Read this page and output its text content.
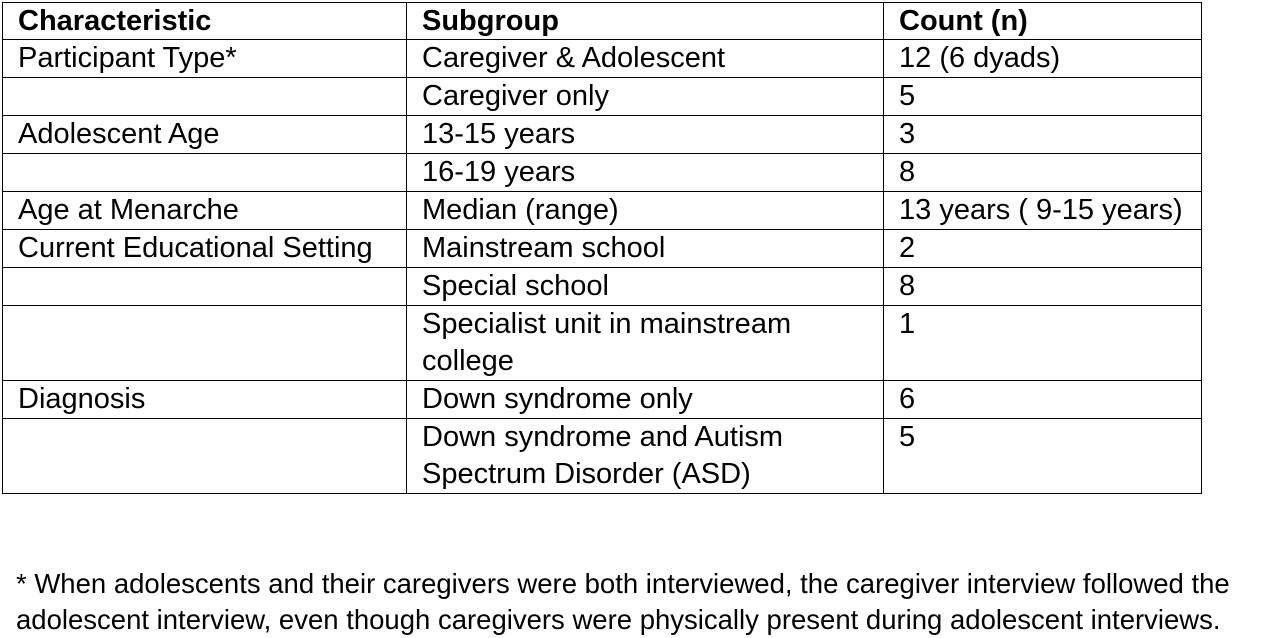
Characteristic	Subgroup	Count (n)
Participant Type*	Caregiver & Adolescent	12 (6 dyads)
	Caregiver only	5
Adolescent Age	13-15 years	3
	16-19 years	8
Age at Menarche	Median (range)	13 years ( 9-15 years)
Current Educational Setting	Mainstream school	2
	Special school	8
	Specialist unit in mainstream college	1
Diagnosis	Down syndrome only	6
	Down syndrome and Autism Spectrum Disorder (ASD)	5
* When adolescents and their caregivers were both interviewed, the caregiver interview followed the
adolescent interview, even though caregivers were physically present during adolescent interviews.
